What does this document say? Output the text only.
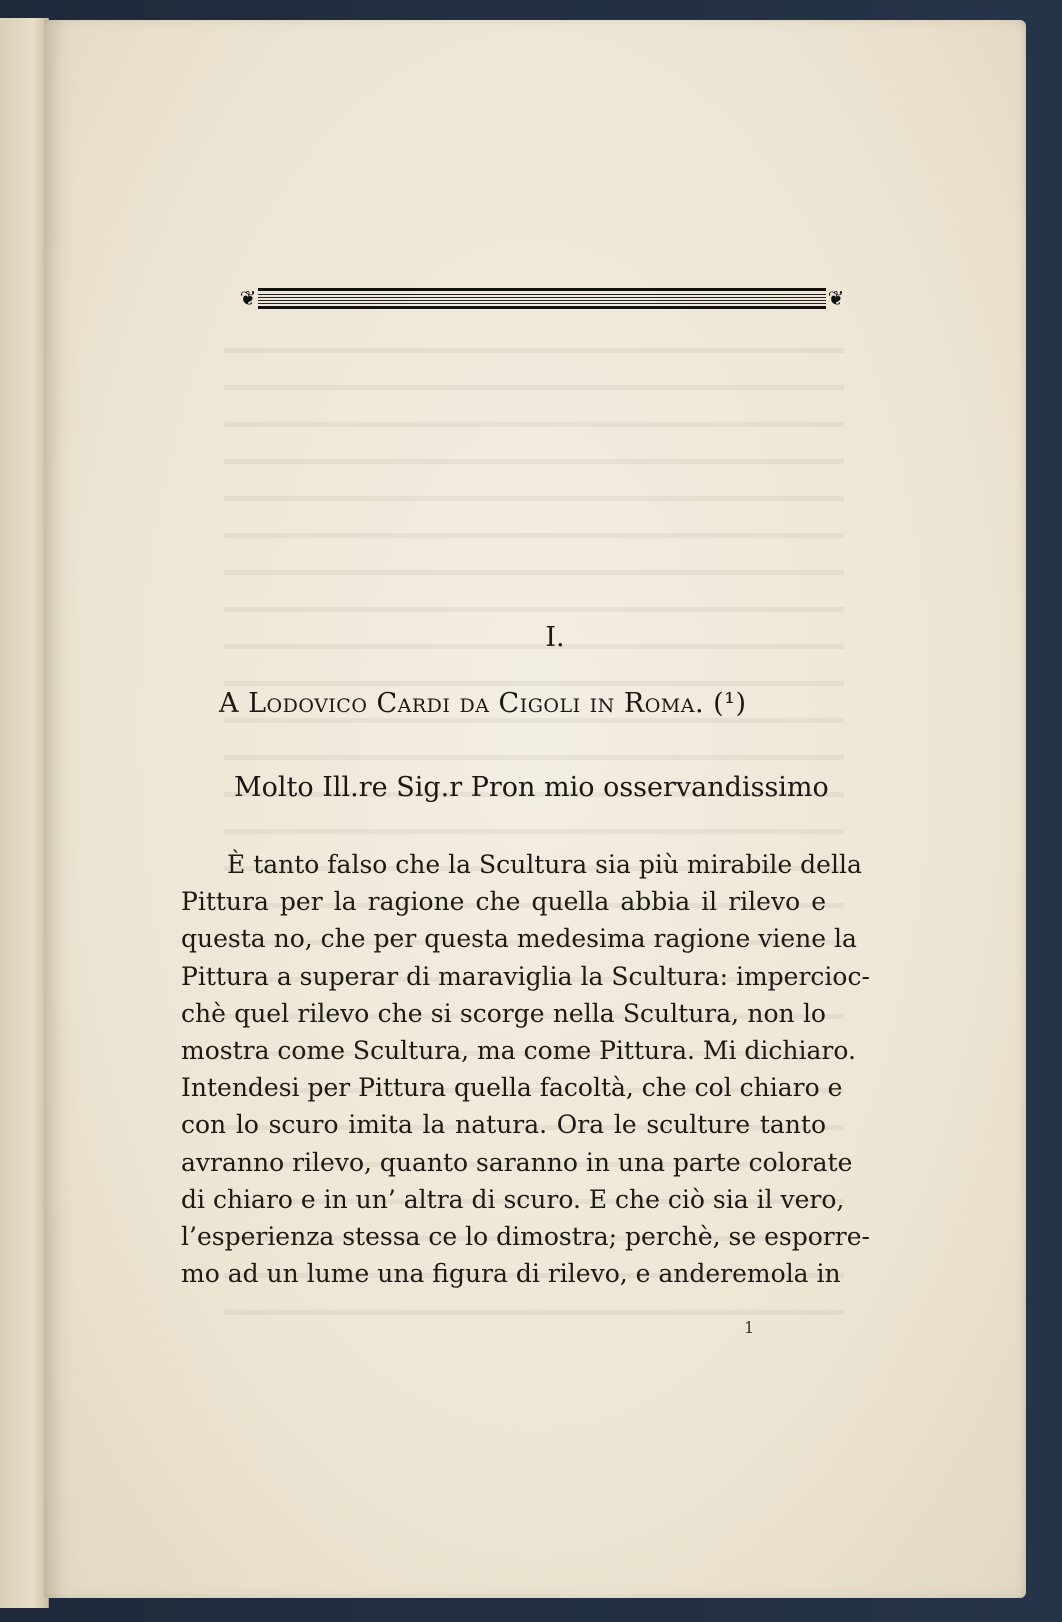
❦	❦
I.
A Lodovico Cardi da Cigoli in Roma. (¹)
Molto Ill.re Sig.r Pron mio osservandissimo
È tanto falso che la Scultura sia più mirabile della
Pittura per la ragione che quella abbia il rilevo e
questa no, che per questa medesima ragione viene la
Pittura a superar di maraviglia la Scultura: impercioc-
chè quel rilevo che si scorge nella Scultura, non lo
mostra come Scultura, ma come Pittura. Mi dichiaro.
Intendesi per Pittura quella facoltà, che col chiaro e
con lo scuro imita la natura. Ora le sculture tanto
avranno rilevo, quanto saranno in una parte colorate
di chiaro e in un’ altra di scuro. E che ciò sia il vero,
l’esperienza stessa ce lo dimostra; perchè, se esporre-
mo ad un lume una figura di rilevo, e anderemola in
1
